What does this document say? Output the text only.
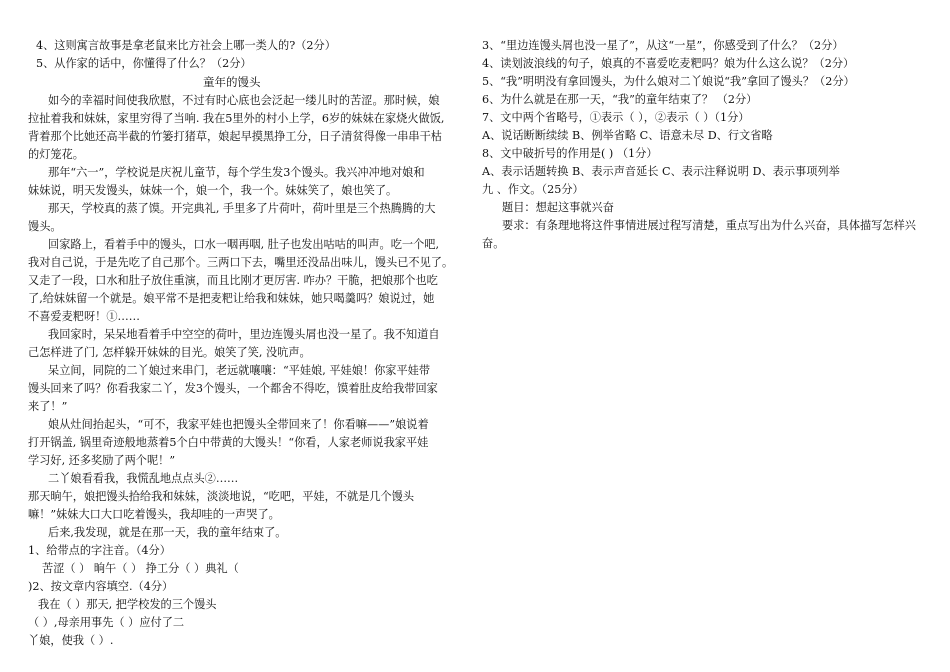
4、这则寓言故事是拿老鼠来比方社会上哪一类人的?（2分）
5、从作家的话中，你懂得了什么？（2分）
童年的馒头
如今的幸福时间使我欣慰，不过有时心底也会泛起一缕儿时的苦涩。那时候，娘
拉扯着我和妹妹，家里穷得了当响. 我在5里外的村小上学，6岁的妹妹在家烧火做饭,
背着那个比她还高半截的竹篓打猪草，娘起早摸黑挣工分，日子清贫得像一串串干枯
的灯笼花。
那年“六一”，学校说是庆祝儿童节，每个学生发3个馒头。我兴冲冲地对娘和
妹妹说，明天发馒头，妹妹一个，娘一个，我一个。妹妹笑了，娘也笑了。
那天，学校真的蒸了馍。开完典礼, 手里多了片荷叶，荷叶里是三个热腾腾的大
馒头。
回家路上，看着手中的馒头，口水一咽再咽, 肚子也发出咕咕的叫声。吃一个吧,
我对自己说，于是先吃了自己那个。三两口下去，嘴里还没品出味儿，馒头已不见了。
又走了一段，口水和肚子放住重演，而且比刚才更厉害. 咋办？干脆，把娘那个也吃
了,给妹妹留一个就是。娘平常不是把麦粑让给我和妹妹，她只喝羹吗？娘说过，她
不喜爱麦粑呀！①……
我回家时，呆呆地看着手中空空的荷叶，里边连馒头屑也没一星了。我不知道自
己怎样进了门, 怎样躲开妹妹的目光。娘笑了笑, 没吭声。
呆立间，同院的二丫娘过来串门，老远就嚷嚷：“平娃娘, 平娃娘！你家平娃带
馒头回来了吗？你看我家二丫，发3个馒头，一个都舍不得吃，馍着肚皮给我带回家
来了！”
娘从灶间抬起头，“可不，我家平娃也把馒头全带回来了！你看嘛——”娘说着
打开锅盖, 锅里奇迹般地蒸着5个白中带黄的大馒头！“你看，人家老师说我家平娃
学习好, 还多奖励了两个呢！”
二丫娘看看我，我慌乱地点点头②……
那天晌午，娘把馒头拾给我和妹妹，淡淡地说，“吃吧，平娃，不就是几个馒头
嘛！”妹妹大口大口吃着馒头，我却哇的一声哭了。
后来,我发现，就是在那一天，我的童年结束了。
1、给带点的字注音。（4分）
苦涩（ ） 晌午（ ） 挣工分（ ）典礼（
)2、按文章内容填空.（4分）
我在（ ）那天, 把学校发的三个馒头
（ ）,母亲用事先（ ）应付了二
丫娘，使我（ ）.
3、“里边连馒头屑也没一星了”，从这“一星”，你感受到了什么？（2分）
4、读划波浪线的句子，娘真的不喜爱吃麦粑吗？娘为什么这么说？（2分）
5、“我”明明没有拿回馒头，为什么娘对二丫娘说“我”拿回了馒头？（2分）
6、为什么就是在那一天，“我”的童年结束了？ （2分）
7、文中两个省略号，①表示（ ），②表示（ ）（1分）
A、说话断断续续 B、例举省略 C、语意未尽 D、行文省略
8、文中破折号的作用是( ) （1分）
A、表示话题转换 B、表示声音延长 C、表示注释说明 D、表示事项列举
九 、作文。（25分）
题目：想起这事就兴奋
要求：有条理地将这件事情进展过程写清楚，重点写出为什么兴奋，具体描写怎样兴
奋。
